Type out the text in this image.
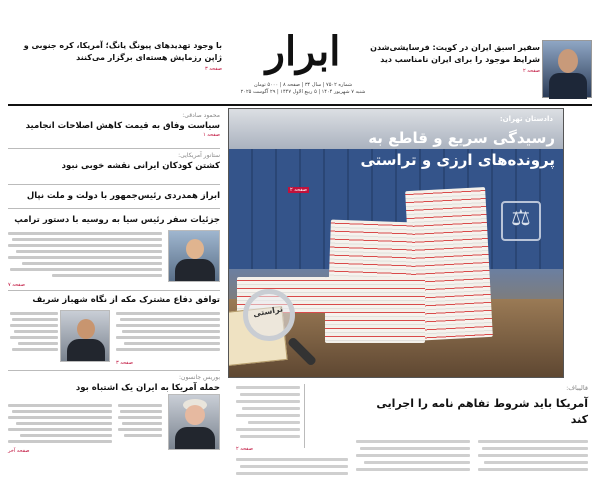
سفیر اسبق ایران در کویت: فرسایشی‌شدن شرایط موجود را برای ایران نامناسب دید
صفحه ۲
ابرار
شماره ۷۵۰۲ | سال ۳۴ | صفحه ۸ | ۵۰۰۰ تومان
شنبه ۷ شهریور ۱۴۰۴ | ۵ ربیع الاول ۱۴۴۷ | ۲۹ آگوست ۲۰۲۵
با وجود تهدیدهای پیونگ یانگ؛ آمریکا، کره جنوبی و ژاپن رزمایش هسته‌ای برگزار می‌کنند
صفحه ۳
محمود صادقی:
سیاست وفاق به قیمت کاهش اصلاحات انجامید
صفحه ۱
ستانور آمریکایی:
کشتن کودکان ایرانی نقشه خوبی نبود
ابراز همدردی رئیس‌جمهور با دولت و ملت نپال
جزئیات سفر رئیس سیا به روسیه با دستور ترامپ
صفحه ۷
توافق دفاع مشترک مکه از نگاه شهباز شریف
صفحه ۳
بوریس جانسون:
حمله آمریکا به ایران یک اشتباه بود
صفحه آخر
⚖
تراستی
دادستان تهران:
رسیدگی سریع و قاطع به پرونده‌های ارزی و تراستی
صفحه ۲
قالیباف:
آمریکا باید شروط تفاهم نامه را اجرایی کند
صفحه ۲
